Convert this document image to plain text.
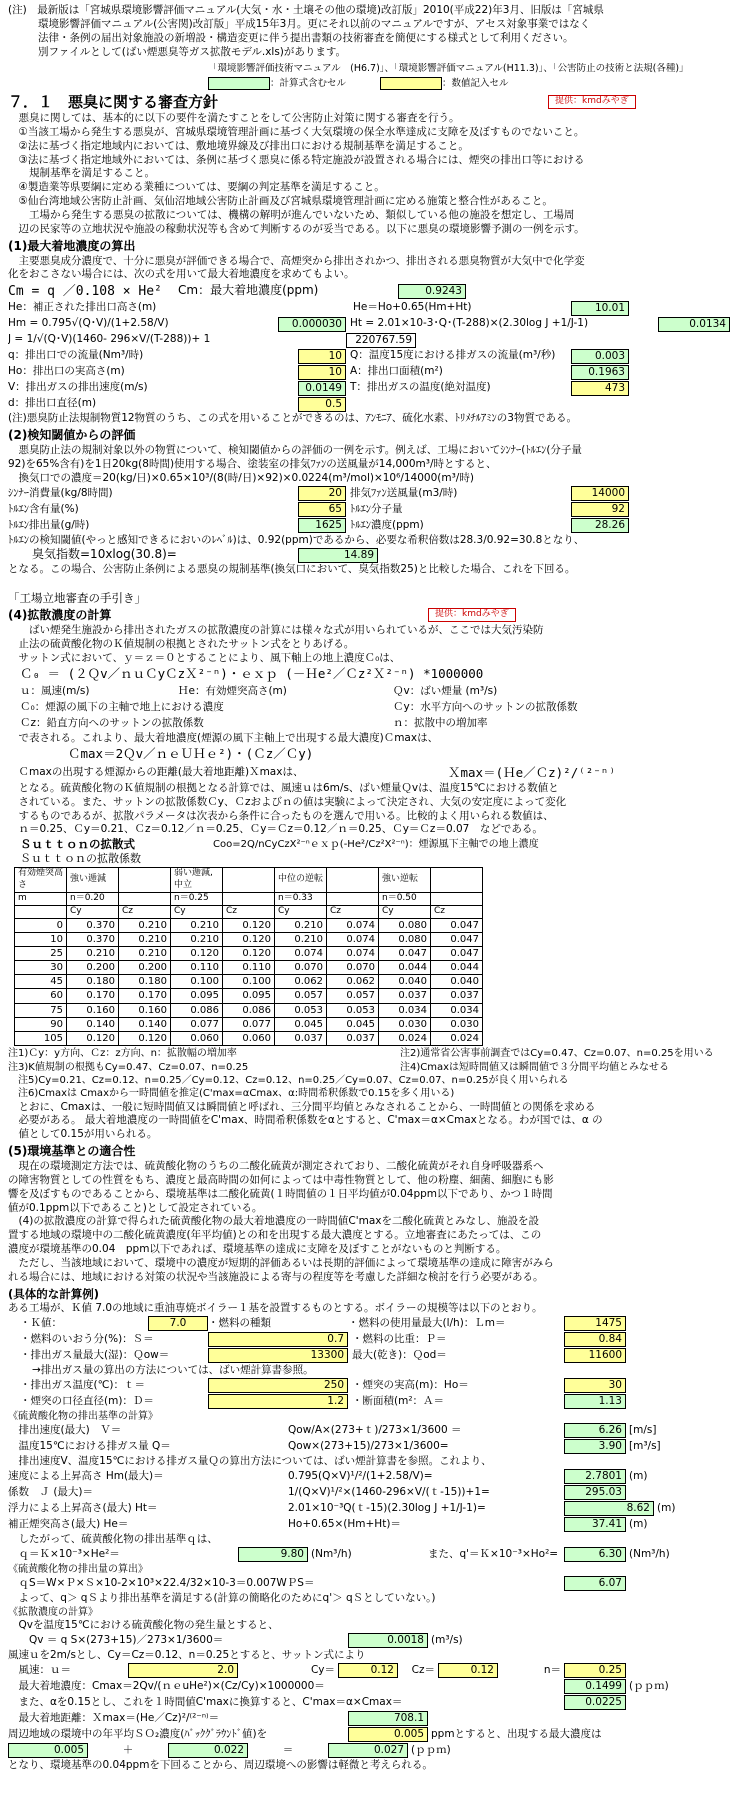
(注)　最新版は「宮城県環境影響評価マニュアル(大気・水・土壌その他の環境)改訂版」2010(平成22)年3月、旧版は「宮城県
環境影響評価マニュアル(公害関)改訂版」平成15年3月。更にそれ以前のマニュアルですが、アセス対象事業ではなく
法律・条例の届出対象施設の新増設・構造変更に伴う提出書類の技術審査を簡便にする様式として利用ください。
別ファイルとして(ばい煙悪臭等ガス拡散モデル.xls)があります。
「環境影響評価技術マニュアル　(H6.7)」、「環境影響評価マニュアル(H11.3)」、「公害防止の技術と法規(各種)」
：計算式含むセル	：数値記入セル
７．１　悪臭に関する審査方針	提供：kmdみやぎ
　悪臭に関しては、基本的に以下の要件を満たすことをして公害防止対策に関する審査を行う。
　①当該工場から発生する悪臭が、宮城県環境管理計画に基づく大気環境の保全水準達成に支障を及ぼすものでないこと。
　②法に基づく指定地域内においては、敷地境界線及び排出口における規制基準を満足すること。
　③法に基づく指定地域外においては、条例に基づく悪臭に係る特定施設が設置される場合には、煙突の排出口等における
　　規制基準を満足すること。
　④製造業等県要綱に定める業種については、要綱の判定基準を満足すること。
　⑤仙台湾地域公害防止計画、気仙沼地域公害防止計画及び宮城県環境管理計画に定める施策と整合性があること。
　　工場から発生する悪臭の拡散については、機構の解明が進んでいないため、類似している他の施設を想定し、工場周
　辺の民家等の立地状況や施設の稼動状況等も含めて判断するのが妥当である。以下に悪臭の環境影響予測の一例を示す。
(1)最大着地濃度の算出
　主要悪臭成分濃度で、十分に悪臭が評価できる場合で、高煙突から排出されかつ、排出される悪臭物質が大気中で化学変
化をおこさない場合には、次の式を用いて最大着地濃度を求めてもよい。
Cm = q ／0.108 × He²	Cm：最大着地濃度(ppm)	0.9243
He：補正された排出口高さ(m)	He＝Ho+0.65(Hm+Ht)	10.01
Hm = 0.795√(Q･V)/(1+2.58/V)	0.000030 Ht = 2.01×10-3･Q･(T-288)×(2.30log J +1/J-1)	0.0134
J = 1/√(Q･V)(1460- 296×V/(T-288))+ 1	220767.59
q：排出口での流量(Nm³/時)	10 Q：温度15度における排ガスの流量(m³/秒)	0.003
Ho：排出口の実高さ(m)	10 A：排出口面積(m²)	0.1963
V：排出ガスの排出速度(m/s)	0.0149 T：排出ガスの温度(絶対温度)	473
d：排出口直径(m)	0.5
(注)悪臭防止法規制物質12物質のうち、この式を用いることができるのは、ｱﾝﾓﾆｱ、硫化水素、ﾄﾘﾒﾁﾙｱﾐﾝの3物質である。
(2)検知閾値からの評価
　悪臭防止法の規制対象以外の物質について、検知閾値からの評価の一例を示す。例えば、工場においてｼﾝﾅｰ(ﾄﾙｴﾝ(分子量
92)を65%含有)を1日20kg(8時間)使用する場合、塗装室の排気ﾌｧﾝの送風量が14,000m³/時とすると、
　換気口での濃度＝20(kg/日)×0.65×10³/(8(時/日)×92)×0.0224(m³/mol)×10⁶/14000(m³/時)
ｼﾝﾅｰ消費量(kg/8時間)	20 排気ﾌｧﾝ送風量(m3/時)	14000
ﾄﾙｴﾝ含有量(%)	65 ﾄﾙｴﾝ分子量	92
ﾄﾙｴﾝ排出量(g/時)	1625 ﾄﾙｴﾝ濃度(ppm)	28.26
ﾄﾙｴﾝの検知閾値(やっと感知できるにおいのﾚﾍﾞﾙ)は、0.92(ppm)であるから、必要な希釈倍数は28.3/0.92=30.8となり、
　　臭気指数=10xlog(30.8)=	14.89
となる。この場合、公害防止条例による悪臭の規制基準(換気口において、臭気指数25)と比較した場合、これを下回る。
「工場立地審査の手引き」
(4)拡散濃度の計算	提供：kmdみやぎ
　　ばい煙発生施設から排出されたガスの拡散濃度の計算には様々な式が用いられているが、ここでは大気汚染防
　止法の硫黄酸化物のＫ値規制の根拠とされたサットン式をとりあげる。
　サットン式において、ｙ＝ｚ＝０とすることにより、風下軸上の地上濃度Ｃ₀は、
Ｃ₀ ＝ (２Ｑv／ｎｕＣyＣzＸ²⁻ⁿ)・ｅｘｐ (－Ｈe²／Ｃz²Ｘ²⁻ⁿ) *1000000
ｕ：風速(m/s)	Ｈe：有効煙突高さ(m)	Ｑv：ばい煙量 (m³/s)
Ｃ₀：煙源の風下の主軸で地上における濃度	Ｃy：水平方向へのサットンの拡散係数
Ｃz：鉛直方向へのサットンの拡散係数	ｎ：拡散中の増加率
　で表される。これより、最大着地濃度(煙源の風下主軸上で出現する最大濃度)Ｃmaxは、
Ｃmax＝2Ｑv／ｎｅＵＨｅ²)・(Ｃz／Ｃy)
　Ｃmaxの出現する煙源からの距離(最大着地距離)Ｘmaxは、	Ｘmax＝(Ｈe／Ｃz)²/⁽²⁻ⁿ⁾
　となる。硫黄酸化物のＫ値規制の根拠となる計算では、風速ｕは6m/s、ばい煙量Ｑvは、温度15℃における数値と
　されている。また、サットンの拡散係数Ｃy、Ｃzおよびｎの値は実験によって決定され、大気の安定度によって変化
　するものであるが、拡散パラメータは次表から条件に合ったものを選んで用いる。比較的よく用いられる数値は、
　ｎ＝0.25、Ｃy＝0.21、Ｃz＝0.12／ｎ＝0.25、Ｃy＝Ｃz＝0.12／ｎ＝0.25、Ｃy＝Ｃz＝0.07　などである。
Ｓｕｔｔｏｎの拡散式	Coo=2Q/nCyCzX²⁻ⁿｅｘｐ(-He²/Cz²X²⁻ⁿ)：煙源風下主軸での地上濃度
Ｓｕｔｔｏｎの拡散係数
有効煙突高さ	強い逓減		弱い逓減, 中立		中位の逆転		強い逆転	
m	n＝0.20		n＝0.25		n＝0.33		n＝0.50	
	Cy	Cz	Cy	Cz	Cy	Cz	Cy	Cz
0	0.370	0.210	0.210	0.120	0.210	0.074	0.080	0.047
10	0.370	0.210	0.210	0.120	0.210	0.074	0.080	0.047
25	0.210	0.210	0.120	0.120	0.074	0.074	0.047	0.047
30	0.200	0.200	0.110	0.110	0.070	0.070	0.044	0.044
45	0.180	0.180	0.100	0.100	0.062	0.062	0.040	0.040
60	0.170	0.170	0.095	0.095	0.057	0.057	0.037	0.037
75	0.160	0.160	0.086	0.086	0.053	0.053	0.034	0.034
90	0.140	0.140	0.077	0.077	0.045	0.045	0.030	0.030
105	0.120	0.120	0.060	0.060	0.037	0.037	0.024	0.024
注1)Ｃy：y方向、Ｃz：z方向、n：拡散幅の増加率	注2)通常省公害事前調査ではCy=0.47、Cz=0.07、n=0.25を用いる
注3)K値規制の根拠もCy=0.47、Cz=0.07、n=0.25	注4)Cmaxは短時間値又は瞬間値で３分間平均値とみなせる
　注5)Cy=0.21、Cz=0.12、n=0.25／Cy=0.12、Cz=0.12、n=0.25／Cy=0.07、Cz=0.07、n=0.25が良く用いられる
　注6)Cmaxは Cmaxから一時間値を推定(C'max=αCmax、α:時間希釈係数で0.15を多く用いる)
　とおに、Cmaxは、一般に短時間値又は瞬間値と呼ばれ、三分間平均値とみなされることから、一時間値との関係を求める
　必要がある。 最大着地濃度の一時間値をC'max、時間希釈係数をαとすると、C'max＝α×Cmaxとなる。わが国では、α の
　値として0.15が用いられる。
(5)環境基準との適合性
　現在の環境測定方法では、硫黄酸化物のうちの二酸化硫黄が測定されており、二酸化硫黄がそれ自身呼吸器系へ
の障害物質としての性質をもち、濃度と最高時間の如何によっては中毒性物質として、他の粉塵、細菌、細胞にも影
響を及ぼすものであることから、環境基準は二酸化硫黄(１時間値の１日平均値が0.04ppm以下であり、かつ１時間
値が0.1ppm以下であること)として設定されている。
　(4)の拡散濃度の計算で得られた硫黄酸化物の最大着地濃度の一時間値C'maxを二酸化硫黄とみなし、施設を設
置する地域の環境中の二酸化硫黄濃度(年平均値)との和を出現する最大濃度とする。立地審査にあたっては、この
濃度が環境基準の0.04　ppm以下であれば、環境基準の達成に支障を及ぼすことがないものと判断する。
　ただし、当該地域において、環境中の濃度が短期的評価あるいは長期的評価によって環境基準の達成に障害がみら
れる場合には、地域における対策の状況や当該施設による寄与の程度等を考慮した詳細な検討を行う必要がある。
(具体的な計算例)
ある工場が、Ｋ値 7.0の地域に重油専焼ボイラー１基を設置するものとする。ボイラーの規模等は以下のとおり。
・Ｋ値：	7.0	・燃料の種類	・燃料の使用量最大(l/h)：Ｌm＝	1475
・燃料のいおう分(%)：Ｓ＝	0.7 ・燃料の比重：Ｐ＝	0.84
・排出ガス量最大(湿)：Ｑow＝	13300 最大(乾き)：Ｑod＝	11600
→排出ガス量の算出の方法については、ばい煙計算書参照。
・排出ガス温度(℃)：ｔ＝	250 ・煙突の実高(m)：Ho＝	30
・煙突の口径直径(m)：Ｄ＝	1.2 ・断面積(m²：Ａ＝	1.13
《硫黄酸化物の排出基準の計算》
　排出速度(最大)　Ｖ＝	Qow/A×(273+ｔ)/273×1/3600 ＝	6.26 [m/s]
　温度15℃における排ガス量 Q＝	Qow×(273+15)/273×1/3600=	3.90 [m³/s]
　排出速度V、温度15℃における排ガス量Ｑの算出方法については、ばい煙計算書を参照。これより、
速度による上昇高さ Hm(最大)＝	0.795(Q×V)¹/²/(1+2.58/V)=	2.7801 (m)
係数　Ｊ (最大)＝	1/(Q×V)¹/²×(1460-296×V/(ｔ-15))+1=	295.03
浮力による上昇高さ(最大) Ht＝	2.01×10⁻³Q(ｔ-15)(2.30log J +1/J-1)=	8.62 (m)
補正煙突高さ(最大) He＝	Ho+0.65×(Hm+Ht)＝	37.41 (m)
　したがって、硫黄酸化物の排出基準ｑは、
　ｑ＝Ｋ×10⁻³×He²＝	9.80 (Nm³/h)	また、q'＝Ｋ×10⁻³×Ho²=	6.30 (Nm³/h)
《硫黄酸化物の排出量の算出》
　ｑS＝W×Ｐ×Ｓ×10-2×10³×22.4/32×10-3＝0.007WＰS＝	6.07
　よって、q＞ qＳより排出基準を満足する(計算の簡略化のためにq'＞ qＳとしていない。)
《拡散濃度の計算》
　Qvを温度15℃における硫黄酸化物の発生量とすると、
　　Qv ＝ q S×(273+15)／273×1/3600＝	0.0018 (m³/s)
風速ｕを2m/sとし、Cy＝Cz＝0.12、n＝0.25とすると、サットン式により
　風速：ｕ＝	2.0	Cy＝	0.12	Cz＝	0.12	n＝	0.25
　最大着地濃度：Cmax＝2Qv/(ｎｅuHe²)×(Cz/Cy)×1000000＝	0.1499 (ｐｐｍ)
　また、αを0.15とし、これを１時間値C'maxに換算すると、C'max＝α×Cmax＝	0.0225
　最大着地距離：Ｘmax＝(He／Cz)²/⁽²⁻ⁿ⁾＝	708.1
周辺地域の環境中の年平均ＳＯ₂濃度(ﾊﾞｯｸｸﾞﾗｳﾝﾄﾞ値)を	0.005 ppmとすると、出現する最大濃度は
0.005	＋	0.022	＝	0.027 (ｐｐｍ)
となり、環境基準の0.04ppmを下回ることから、周辺環境への影響は軽微と考えられる。
